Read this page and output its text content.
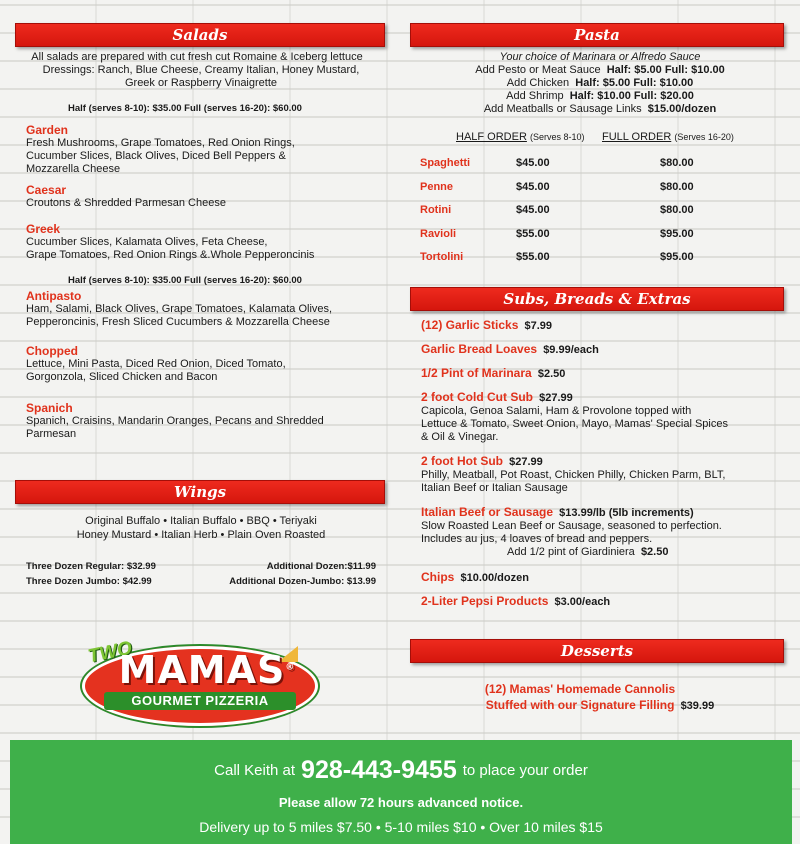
Salads
All salads are prepared with cut fresh cut Romaine & Iceberg lettuce
Dressings: Ranch, Blue Cheese, Creamy Italian, Honey Mustard,
Greek or Raspberry Vinaigrette
Half (serves 8-10): $35.00 Full (serves 16-20): $60.00
Garden
Fresh Mushrooms, Grape Tomatoes, Red Onion Rings,
Cucumber Slices, Black Olives, Diced Bell Peppers &
Mozzarella Cheese
Caesar
Croutons & Shredded Parmesan Cheese
Greek
Cucumber Slices, Kalamata Olives, Feta Cheese,
Grape Tomatoes, Red Onion Rings &.Whole Pepperoncinis
Half (serves 8-10): $35.00 Full (serves 16-20): $60.00
Antipasto
Ham, Salami, Black Olives, Grape Tomatoes, Kalamata Olives,
Pepperoncinis, Fresh Sliced Cucumbers & Mozzarella Cheese
Chopped
Lettuce, Mini Pasta, Diced Red Onion, Diced Tomato,
Gorgonzola, Sliced Chicken and Bacon
Spanich
Spanich, Craisins, Mandarin Oranges, Pecans and Shredded
Parmesan
Wings
Original Buffalo • Italian Buffalo • BBQ • Teriyaki
Honey Mustard • Italian Herb • Plain Oven Roasted
Three Dozen Regular: $32.99	Additional Dozen:$11.99
Three Dozen Jumbo: $42.99	Additional Dozen-Jumbo: $13.99
TWO
MAMAS®
GOURMET PIZZERIA
Pasta
Your choice of Marinara or Alfredo Sauce
Add Pesto or Meat Sauce Half: $5.00 Full: $10.00
Add Chicken Half: $5.00 Full: $10.00
Add Shrimp Half: $10.00 Full: $20.00
Add Meatballs or Sausage Links $15.00/dozen
HALF ORDER (Serves 8-10)	FULL ORDER (Serves 16-20)
Spaghetti	$45.00	$80.00
Penne	$45.00	$80.00
Rotini	$45.00	$80.00
Ravioli	$55.00	$95.00
Tortolini	$55.00	$95.00
Subs, Breads & Extras
(12) Garlic Sticks $7.99
Garlic Bread Loaves $9.99/each
1/2 Pint of Marinara $2.50
2 foot Cold Cut Sub $27.99
Capicola, Genoa Salami, Ham & Provolone topped with
Lettuce & Tomato, Sweet Onion, Mayo, Mamas' Special Spices
& Oil & Vinegar.
2 foot Hot Sub $27.99
Philly, Meatball, Pot Roast, Chicken Philly, Chicken Parm, BLT,
Italian Beef or Italian Sausage
Italian Beef or Sausage $13.99/lb (5lb increments)
Slow Roasted Lean Beef or Sausage, seasoned to perfection.
Includes au jus, 4 loaves of bread and peppers.
Add 1/2 pint of Giardiniera $2.50
Chips $10.00/dozen
2-Liter Pepsi Products $3.00/each
Desserts
(12) Mamas' Homemade Cannolis
Stuffed with our Signature Filling $39.99
Call Keith at 928-443-9455 to place your order
Please allow 72 hours advanced notice.
Delivery up to 5 miles $7.50 • 5-10 miles $10 • Over 10 miles $15
